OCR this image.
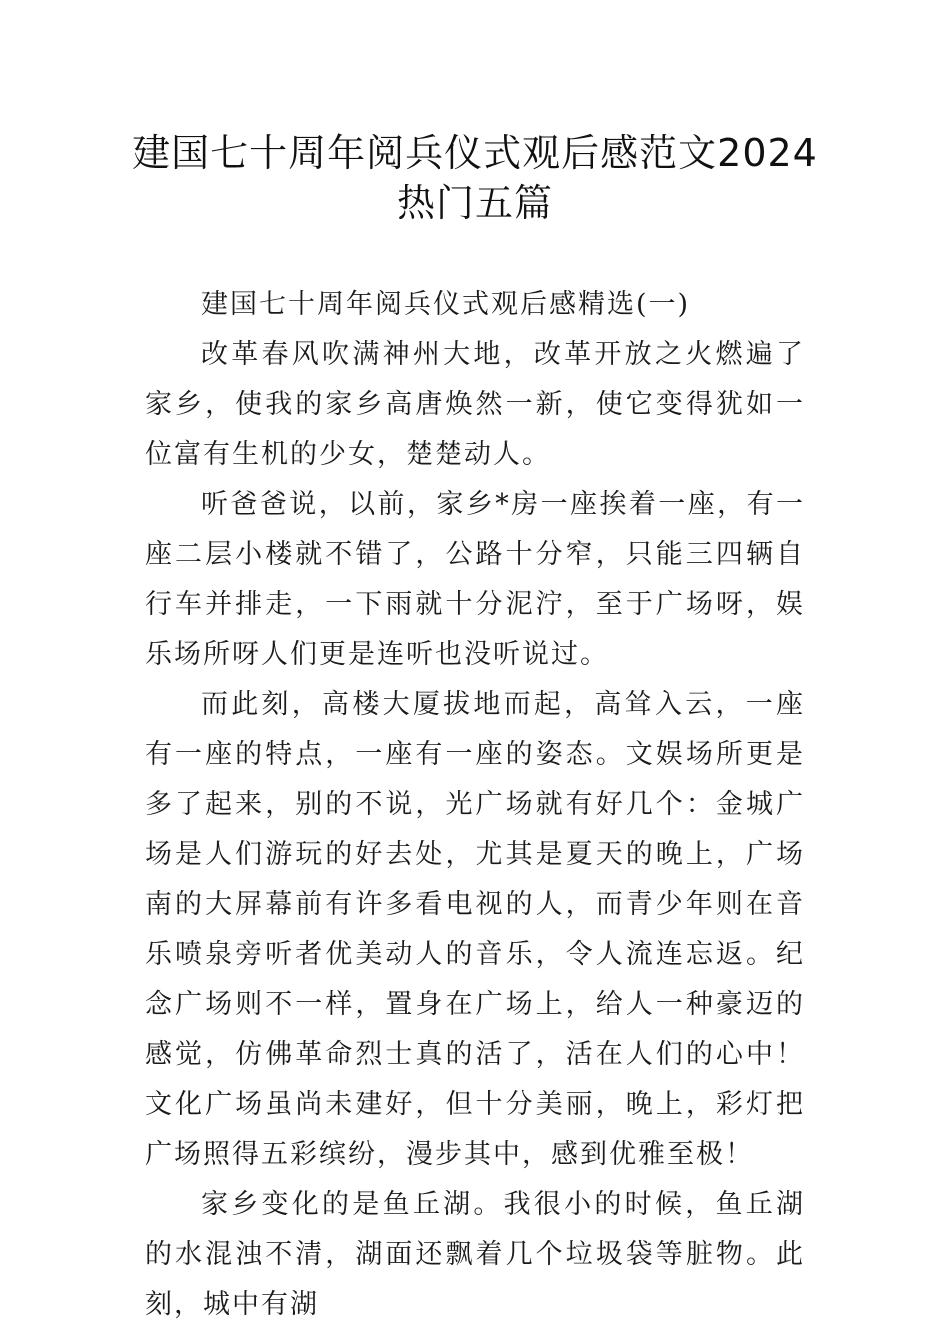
建国七十周年阅兵仪式观后感范文2024
热门五篇

建国七十周年阅兵仪式观后感精选(一)

改革春风吹满神州大地，改革开放之火燃遍了家乡，使我的家乡高唐焕然一新，使它变得犹如一位富有生机的少女，楚楚动人。

听爸爸说，以前，家乡*房一座挨着一座，有一座二层小楼就不错了，公路十分窄，只能三四辆自行车并排走，一下雨就十分泥泞，至于广场呀，娱乐场所呀人们更是连听也没听说过。

而此刻，高楼大厦拔地而起，高耸入云，一座有一座的特点，一座有一座的姿态。文娱场所更是多了起来，别的不说，光广场就有好几个：金城广场是人们游玩的好去处，尤其是夏天的晚上，广场南的大屏幕前有许多看电视的人，而青少年则在音乐喷泉旁听者优美动人的音乐，令人流连忘返。纪念广场则不一样，置身在广场上，给人一种豪迈的感觉，仿佛革命烈士真的活了，活在人们的心中！文化广场虽尚未建好，但十分美丽，晚上，彩灯把广场照得五彩缤纷，漫步其中，感到优雅至极！

家乡变化的是鱼丘湖。我很小的时候，鱼丘湖的水混浊不清，湖面还飘着几个垃圾袋等脏物。此刻，城中有湖
